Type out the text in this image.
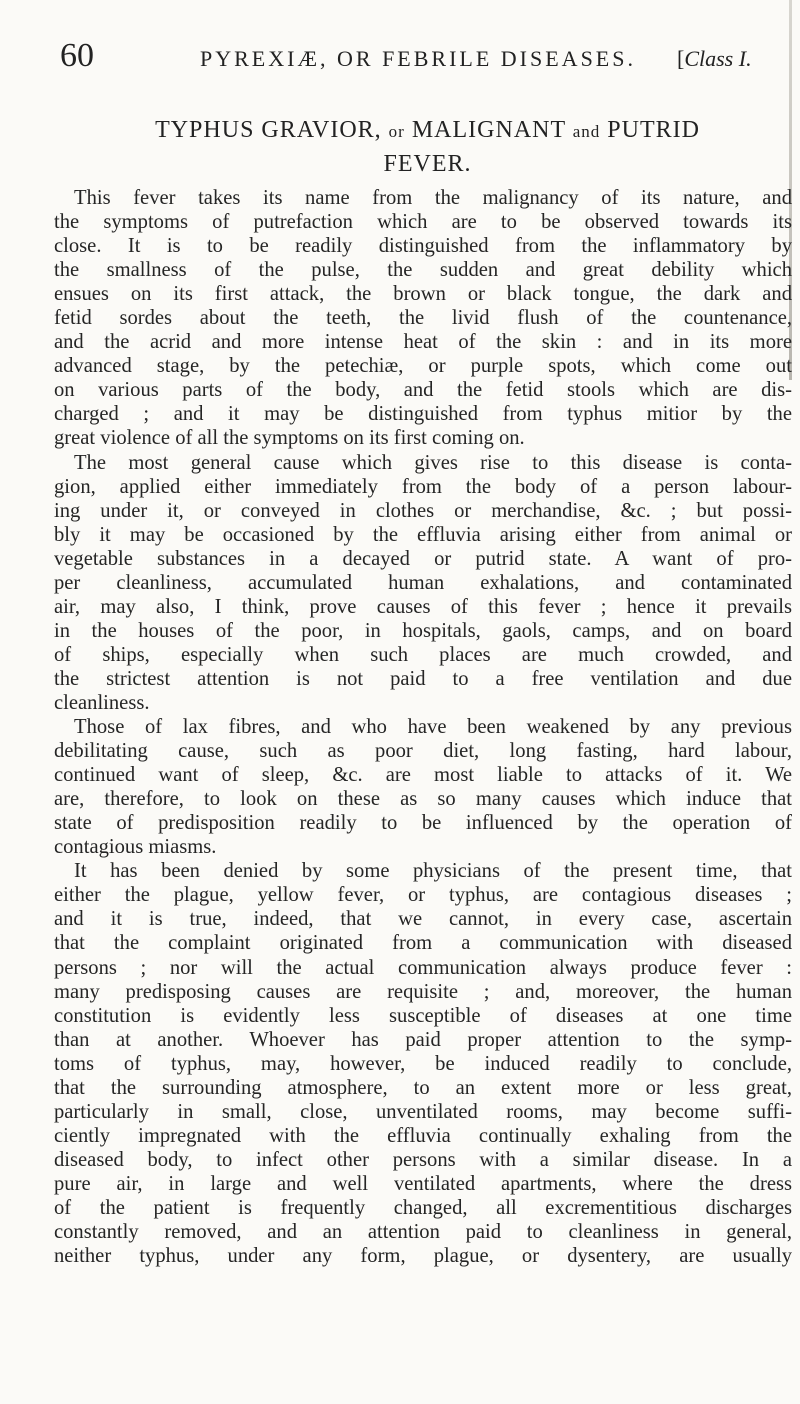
60	PYREXIÆ, OR FEBRILE DISEASES. [Class I.
TYPHUS GRAVIOR, or MALIGNANT and PUTRID
FEVER.
This fever takes its name from the malignancy of its nature, and
the symptoms of putrefaction which are to be observed towards its
close. It is to be readily distinguished from the inflammatory by
the smallness of the pulse, the sudden and great debility which
ensues on its first attack, the brown or black tongue, the dark and
fetid sordes about the teeth, the livid flush of the countenance,
and the acrid and more intense heat of the skin : and in its more
advanced stage, by the petechiæ, or purple spots, which come out
on various parts of the body, and the fetid stools which are dis-
charged ; and it may be distinguished from typhus mitior by the
great violence of all the symptoms on its first coming on.
The most general cause which gives rise to this disease is conta-
gion, applied either immediately from the body of a person labour-
ing under it, or conveyed in clothes or merchandise, &c. ; but possi-
bly it may be occasioned by the effluvia arising either from animal or
vegetable substances in a decayed or putrid state. A want of pro-
per cleanliness, accumulated human exhalations, and contaminated
air, may also, I think, prove causes of this fever ; hence it prevails
in the houses of the poor, in hospitals, gaols, camps, and on board
of ships, especially when such places are much crowded, and
the strictest attention is not paid to a free ventilation and due
cleanliness.
Those of lax fibres, and who have been weakened by any previous
debilitating cause, such as poor diet, long fasting, hard labour,
continued want of sleep, &c. are most liable to attacks of it. We
are, therefore, to look on these as so many causes which induce that
state of predisposition readily to be influenced by the operation of
contagious miasms.
It has been denied by some physicians of the present time, that
either the plague, yellow fever, or typhus, are contagious diseases ;
and it is true, indeed, that we cannot, in every case, ascertain
that the complaint originated from a communication with diseased
persons ; nor will the actual communication always produce fever :
many predisposing causes are requisite ; and, moreover, the human
constitution is evidently less susceptible of diseases at one time
than at another. Whoever has paid proper attention to the symp-
toms of typhus, may, however, be induced readily to conclude,
that the surrounding atmosphere, to an extent more or less great,
particularly in small, close, unventilated rooms, may become suffi-
ciently impregnated with the effluvia continually exhaling from the
diseased body, to infect other persons with a similar disease. In a
pure air, in large and well ventilated apartments, where the dress
of the patient is frequently changed, all excrementitious discharges
constantly removed, and an attention paid to cleanliness in general,
neither typhus, under any form, plague, or dysentery, are usually
